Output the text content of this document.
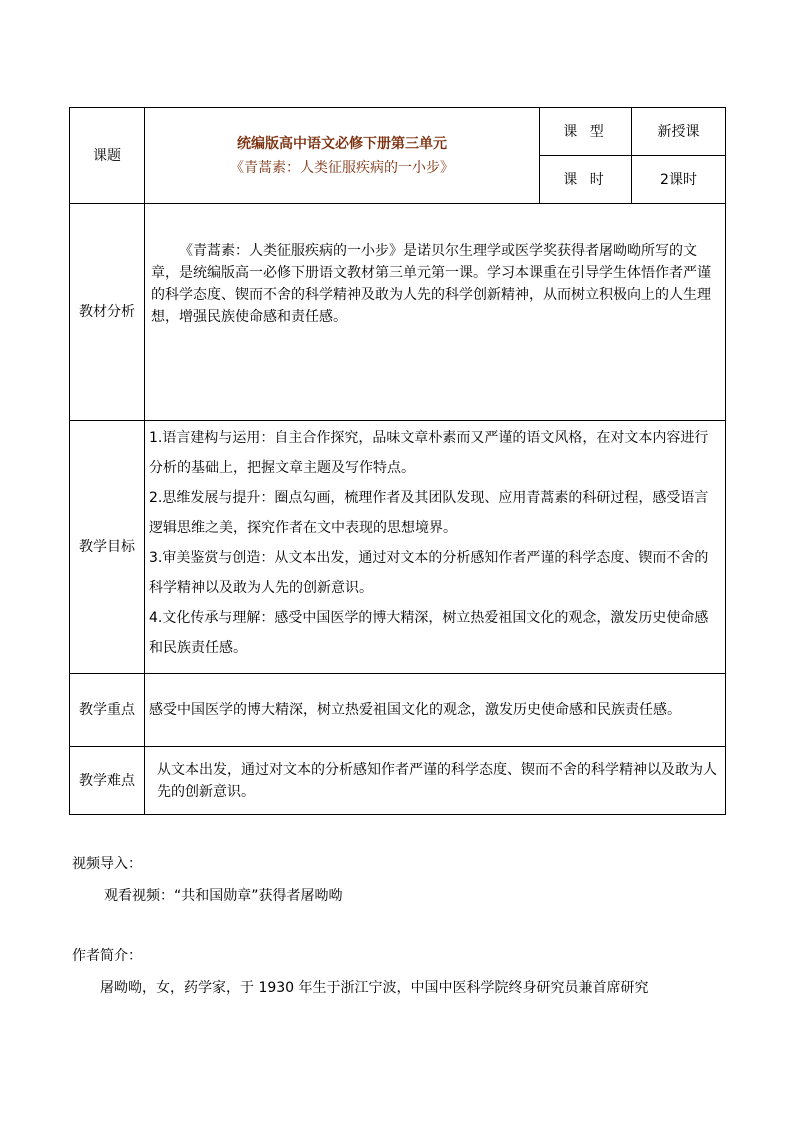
课题	统编版高中语文必修下册第三单元
《青蒿素：人类征服疾病的一小步》	课 型	新授课
		课 时	2课时
教材分析	《青蒿素：人类征服疾病的一小步》是诺贝尔生理学或医学奖获得者屠呦呦所写的文章，是统编版高一必修下册语文教材第三单元第一课。学习本课重在引导学生体悟作者严谨的科学态度、锲而不舍的科学精神及敢为人先的科学创新精神，从而树立积极向上的人生理想，增强民族使命感和责任感。		
教学目标	1.语言建构与运用：自主合作探究，品味文章朴素而又严谨的语文风格，在对文本内容进行分析的基础上，把握文章主题及写作特点。

2.思维发展与提升：圈点勾画，梳理作者及其团队发现、应用青蒿素的科研过程，感受语言逻辑思维之美，探究作者在文中表现的思想境界。

3.审美鉴赏与创造：从文本出发，通过对文本的分析感知作者严谨的科学态度、锲而不舍的科学精神以及敢为人先的创新意识。

4.文化传承与理解：感受中国医学的博大精深，树立热爱祖国文化的观念，激发历史使命感和民族责任感。		

教学重点	感受中国医学的博大精深，树立热爱祖国文化的观念，激发历史使命感和民族责任感。		
教学难点	从文本出发，通过对文本的分析感知作者严谨的科学态度、锲而不舍的科学精神以及敢为人先的创新意识。		
视频导入：
观看视频：“共和国勋章”获得者屠呦呦
作者简介：
屠呦呦，女，药学家，于 1930 年生于浙江宁波，中国中医科学院终身研究员兼首席研究
